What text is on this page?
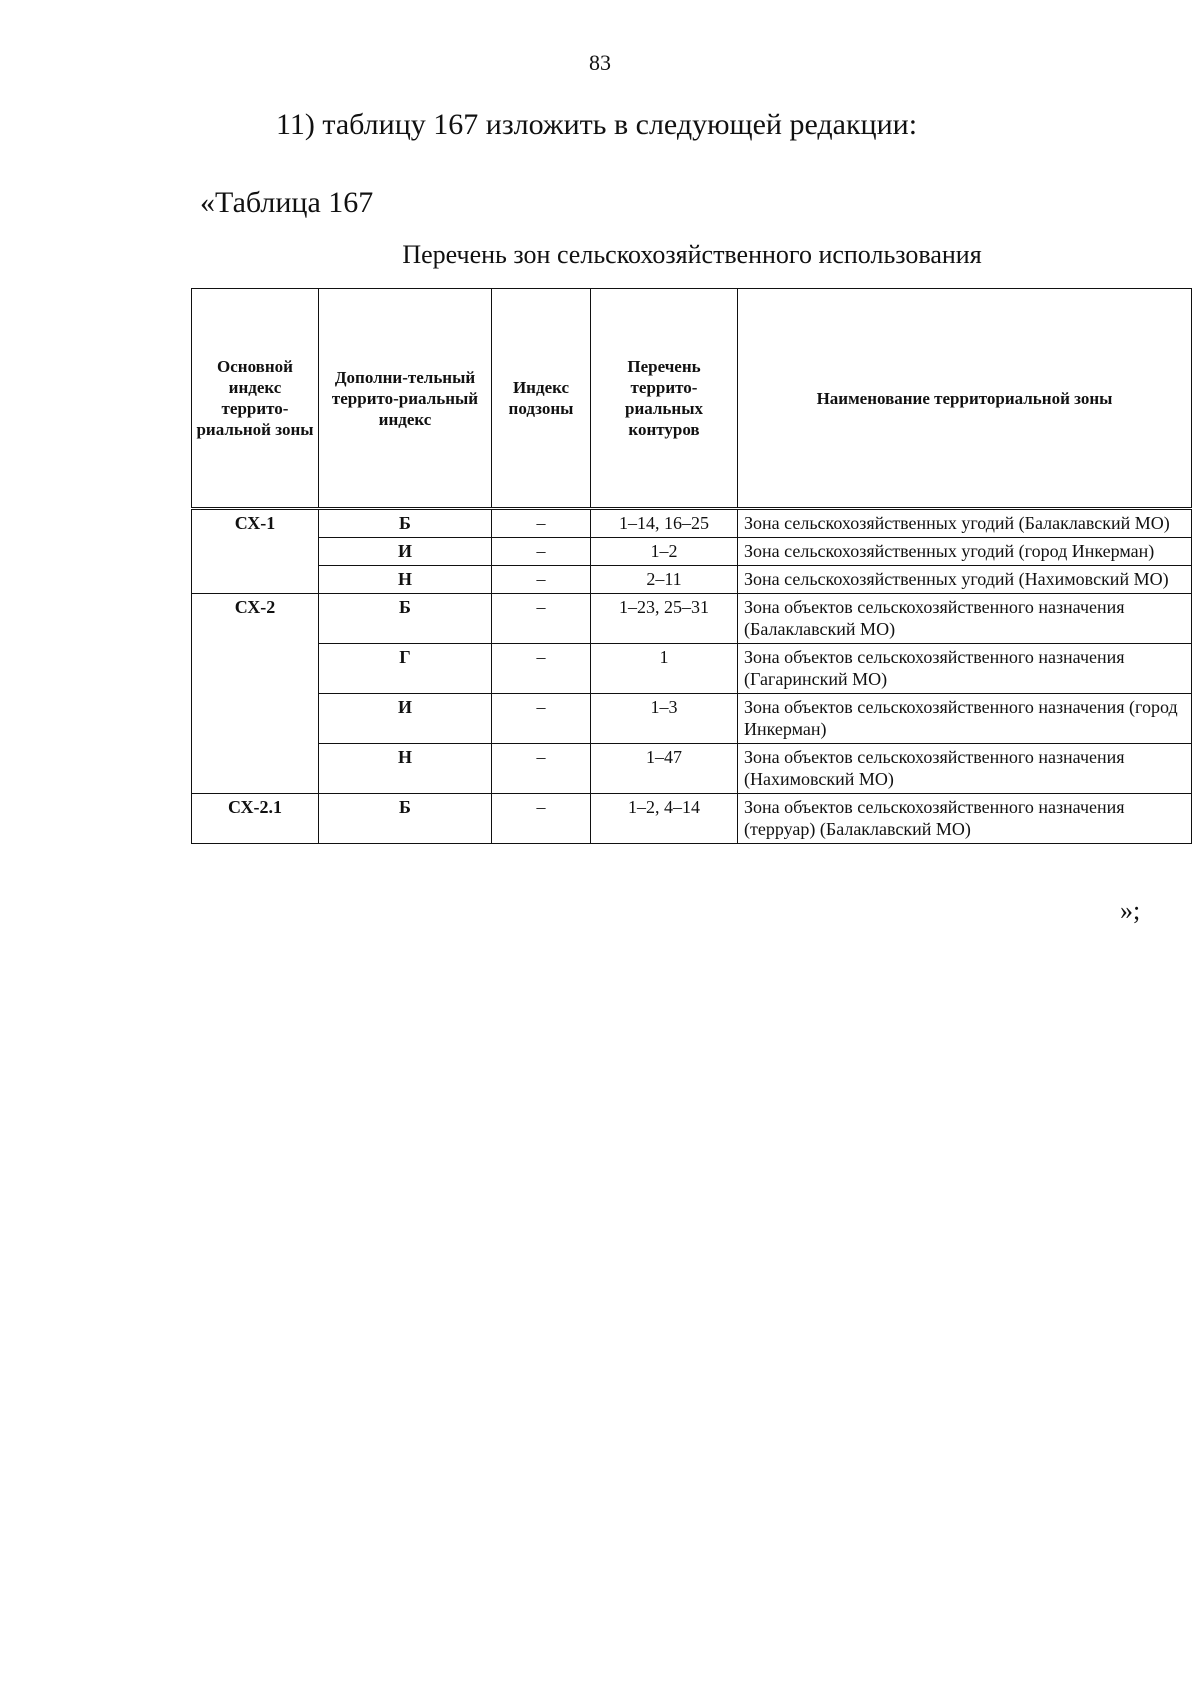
83
11) таблицу 167 изложить в следующей редакции:
«Таблица 167
Перечень зон сельскохозяйственного использования
Основной индекс террито-риальной зоны	Дополни-тельный террито-риальный индекс	Индекс подзоны	Перечень террито-риальных контуров	Наименование территориальной зоны
СХ-1	Б	–	1–14, 16–25	Зона сельскохозяйственных угодий (Балаклавский МО)
	И	–	1–2	Зона сельскохозяйственных угодий (город Инкерман)
	Н	–	2–11	Зона сельскохозяйственных угодий (Нахимовский МО)
СХ-2	Б	–	1–23, 25–31	Зона объектов сельскохозяйственного назначения (Балаклавский МО)
	Г	–	1	Зона объектов сельскохозяйственного назначения (Гагаринский МО)
	И	–	1–3	Зона объектов сельскохозяйственного назначения (город Инкерман)
	Н	–	1–47	Зона объектов сельскохозяйственного назначения (Нахимовский МО)
СХ-2.1	Б	–	1–2, 4–14	Зона объектов сельскохозяйственного назначения (терруар) (Балаклавский МО)
»;
